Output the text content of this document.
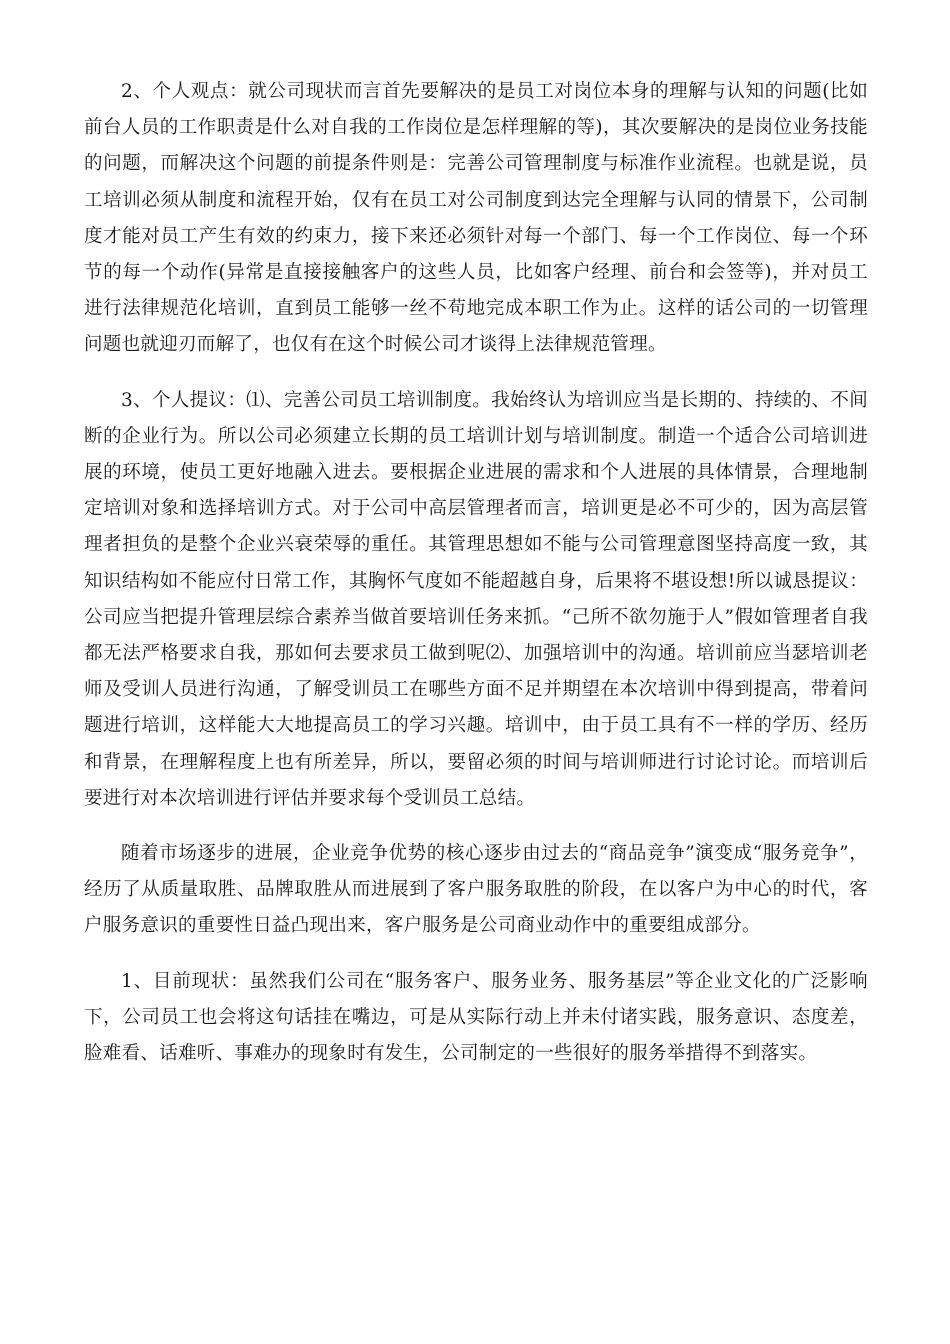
2、个人观点：就公司现状而言首先要解决的是员工对岗位本身的理解与认知的问题(比如前台人员的工作职责是什么对自我的工作岗位是怎样理解的等)，其次要解决的是岗位业务技能的问题，而解决这个问题的前提条件则是：完善公司管理制度与标准作业流程。也就是说，员工培训必须从制度和流程开始，仅有在员工对公司制度到达完全理解与认同的情景下，公司制度才能对员工产生有效的约束力，接下来还必须针对每一个部门、每一个工作岗位、每一个环节的每一个动作(异常是直接接触客户的这些人员，比如客户经理、前台和会签等)，并对员工进行法律规范化培训，直到员工能够一丝不苟地完成本职工作为止。这样的话公司的一切管理问题也就迎刃而解了，也仅有在这个时候公司才谈得上法律规范管理。

3、个人提议：⑴、完善公司员工培训制度。我始终认为培训应当是长期的、持续的、不间断的企业行为。所以公司必须建立长期的员工培训计划与培训制度。制造一个适合公司培训进展的环境，使员工更好地融入进去。要根据企业进展的需求和个人进展的具体情景，合理地制定培训对象和选择培训方式。对于公司中高层管理者而言，培训更是必不可少的，因为高层管理者担负的是整个企业兴衰荣辱的重任。其管理思想如不能与公司管理意图坚持高度一致，其知识结构如不能应付日常工作，其胸怀气度如不能超越自身，后果将不堪设想!所以诚恳提议：公司应当把提升管理层综合素养当做首要培训任务来抓。“己所不欲勿施于人”假如管理者自我都无法严格要求自我，那如何去要求员工做到呢⑵、加强培训中的沟通。培训前应当瑟培训老师及受训人员进行沟通，了解受训员工在哪些方面不足并期望在本次培训中得到提高，带着问题进行培训，这样能大大地提高员工的学习兴趣。培训中，由于员工具有不一样的学历、经历和背景，在理解程度上也有所差异，所以，要留必须的时间与培训师进行讨论讨论。而培训后要进行对本次培训进行评估并要求每个受训员工总结。

随着市场逐步的进展，企业竞争优势的核心逐步由过去的“商品竞争”演变成“服务竞争”，经历了从质量取胜、品牌取胜从而进展到了客户服务取胜的阶段，在以客户为中心的时代，客户服务意识的重要性日益凸现出来，客户服务是公司商业动作中的重要组成部分。

1、目前现状：虽然我们公司在“服务客户、服务业务、服务基层”等企业文化的广泛影响下，公司员工也会将这句话挂在嘴边，可是从实际行动上并未付诸实践，服务意识、态度差，脸难看、话难听、事难办的现象时有发生，公司制定的一些很好的服务举措得不到落实。
